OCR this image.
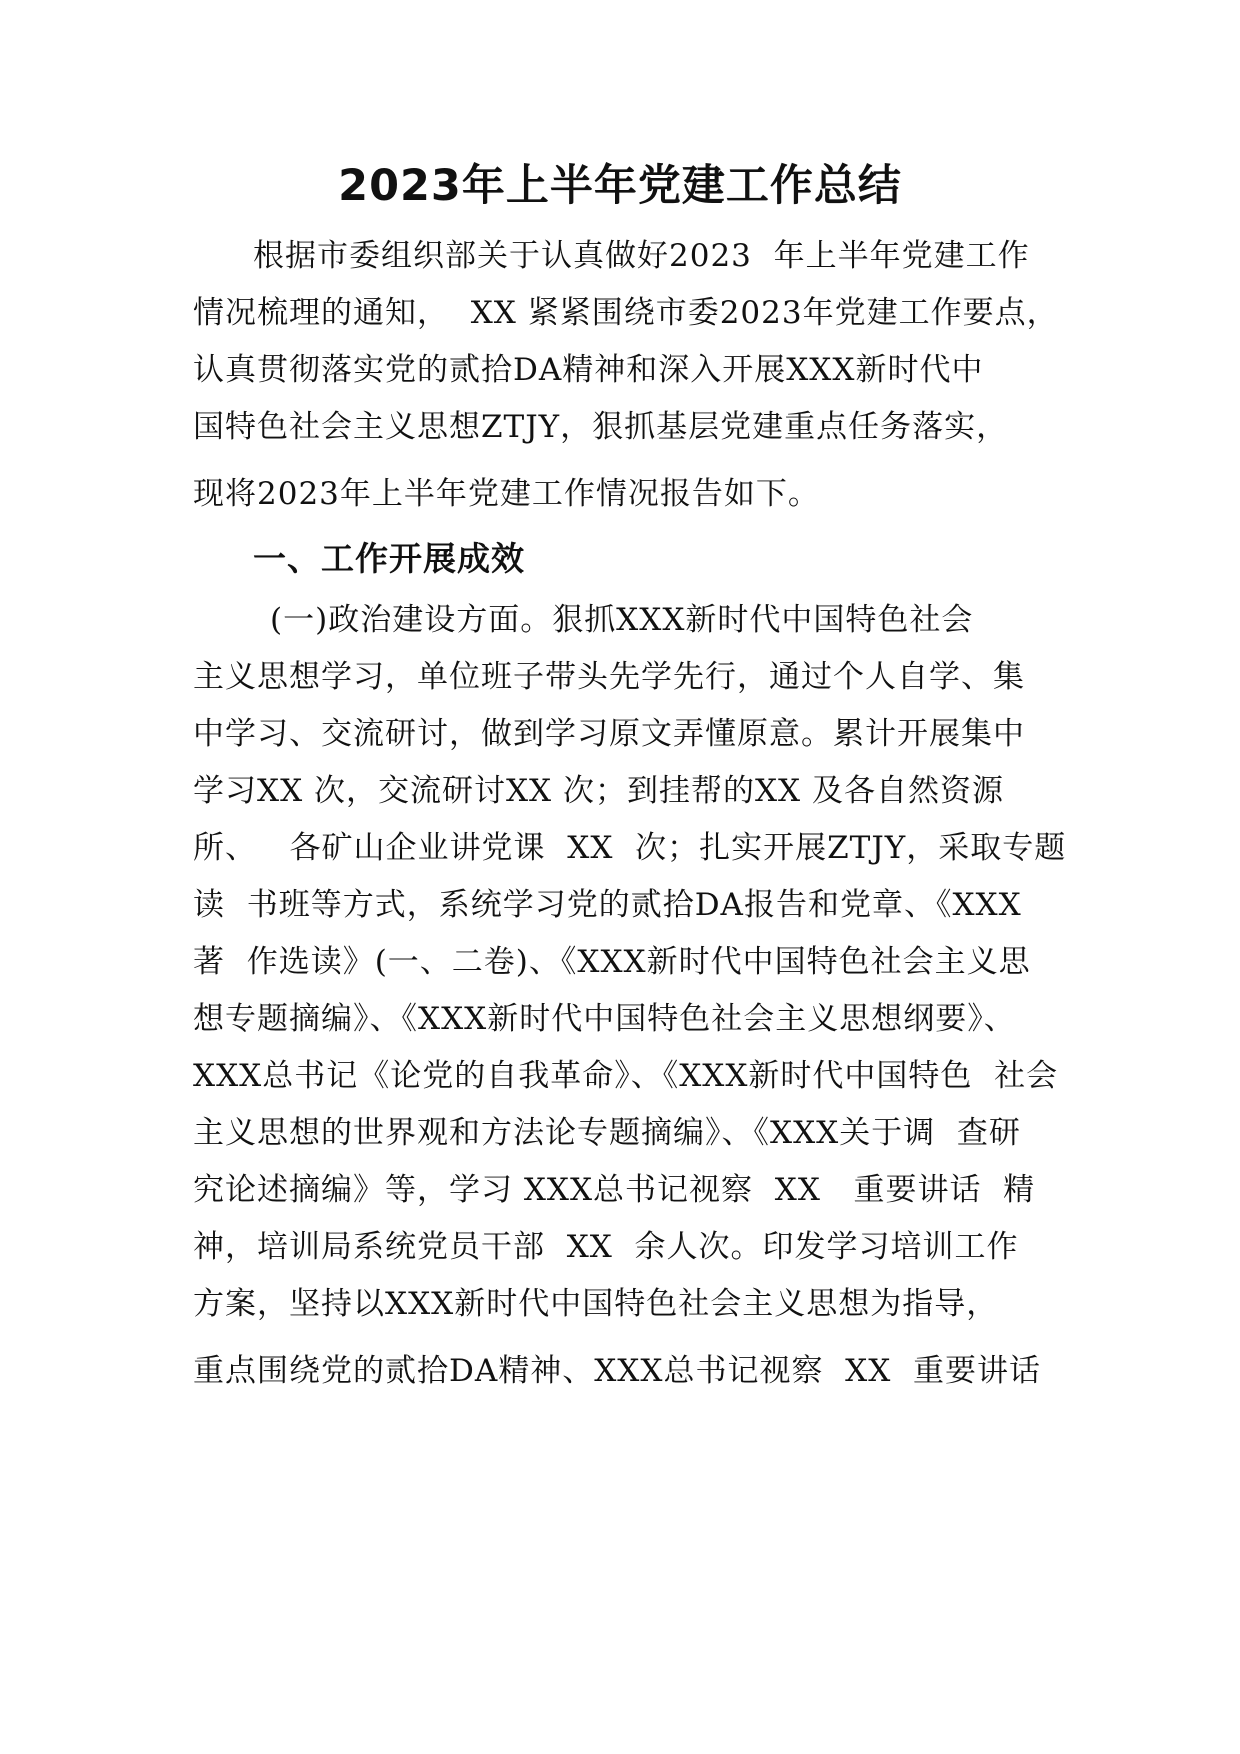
2023年上半年党建工作总结
根据市委组织部关于认真做好2023  年上半年党建工作
情况梳理的通知，  XX 紧紧围绕市委2023年党建工作要点，
认真贯彻落实党的贰拾DA精神和深入开展XXX新时代中
国特色社会主义思想ZTJY，狠抓基层党建重点任务落实，
现将2023年上半年党建工作情况报告如下。
一、工作开展成效
(一)政治建设方面。狠抓XXX新时代中国特色社会
主义思想学习，单位班子带头先学先行，通过个人自学、集
中学习、交流研讨，做到学习原文弄懂原意。累计开展集中
学习XX 次，交流研讨XX 次；到挂帮的XX 及各自然资源
所、   各矿山企业讲党课  XX  次；扎实开展ZTJY，采取专题
读  书班等方式，系统学习党的贰拾DA报告和党章、《XXX
著  作选读》(一、二卷)、《XXX新时代中国特色社会主义思
想专题摘编》、《XXX新时代中国特色社会主义思想纲要》、
XXX总书记《论党的自我革命》、《XXX新时代中国特色  社会
主义思想的世界观和方法论专题摘编》、《XXX关于调  查研
究论述摘编》等，学习 XXX总书记视察  XX   重要讲话  精
神，培训局系统党员干部  XX  余人次。印发学习培训工作
方案，坚持以XXX新时代中国特色社会主义思想为指导，
重点围绕党的贰拾DA精神、XXX总书记视察  XX  重要讲话
